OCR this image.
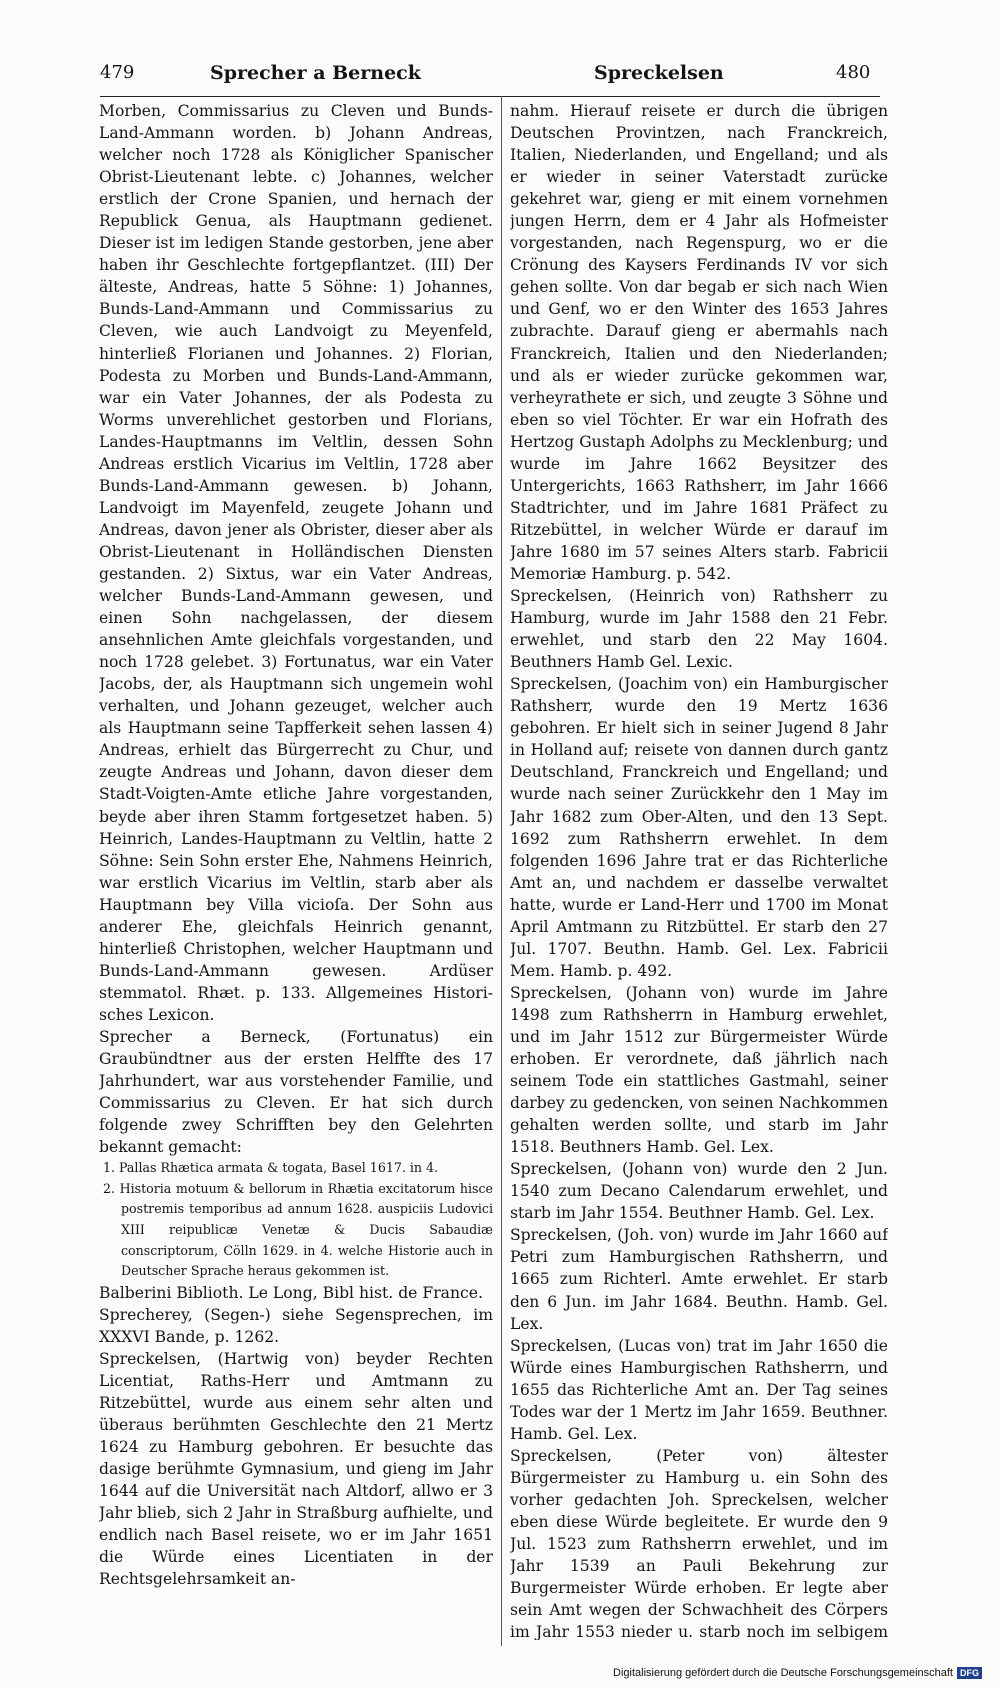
479	Sprecher a Berneck	Spreckelsen	480

Morben, Commissarius zu Cleven und Bunds-Land-Ammann worden. b) Johann Andreas, welcher noch 1728 als Königlicher Spanischer Obrist-Lieutenant lebte. c) Johannes, welcher erstlich der Crone Spanien, und hernach der Republick Genua, als Hauptmann gedienet. Dieser ist im ledigen Stande gestorben, jene aber haben ihr Geschlechte fortgepflantzet. (III) Der älteste, Andreas, hatte 5 Söhne: 1) Johannes, Bunds-Land-Ammann und Commissarius zu Cleven, wie auch Landvoigt zu Meyenfeld, hinterließ Florianen und Johannes. 2) Florian, Podesta zu Morben und Bunds-Land-Ammann, war ein Vater Johannes, der als Podesta zu Worms unverehlichet gestorben und Florians, Landes-Hauptmanns im Veltlin, dessen Sohn Andreas erstlich Vicarius im Veltlin, 1728 aber Bunds-Land-Ammann gewesen. b) Johann, Landvoigt im Mayenfeld, zeugete Johann und Andreas, davon jener als Obrister, dieser aber als Obrist-Lieutenant in Holländischen Diensten gestanden. 2) Sixtus, war ein Vater Andreas, welcher Bunds-Land-Ammann gewesen, und einen Sohn nachgelassen, der diesem ansehnlichen Amte gleichfals vorgestanden, und noch 1728 gelebet. 3) Fortunatus, war ein Vater Jacobs, der, als Hauptmann sich ungemein wohl verhalten, und Johann gezeuget, welcher auch als Hauptmann seine Tapfferkeit sehen lassen 4) Andreas, erhielt das Bürgerrecht zu Chur, und zeugte Andreas und Johann, davon dieser dem Stadt-Voigten-Amte etliche Jahre vorgestanden, beyde aber ihren Stamm fortgesetzet haben. 5) Heinrich, Landes-Hauptmann zu Veltlin, hatte 2 Söhne: Sein Sohn erster Ehe, Nahmens Heinrich, war erstlich Vicarius im Veltlin, starb aber als Hauptmann bey Villa vicioſa. Der Sohn aus anderer Ehe, gleichfals Heinrich genannt, hinterließ Christophen, welcher Hauptmann und Bunds-Land-Ammann gewesen. Ardüser stemmatol. Rhæt. p. 133. Allgemeines Histori-sches Lexicon.

Sprecher a Berneck, (Fortunatus) ein Graubündtner aus der ersten Helffte des 17 Jahrhundert, war aus vorstehender Familie, und Commissarius zu Cleven. Er hat sich durch folgende zwey Schrifften bey den Gelehrten bekannt gemacht:

1. Pallas Rhætica armata & togata, Basel 1617. in 4.

2. Historia motuum & bellorum in Rhætia excitatorum hisce postremis temporibus ad annum 1628. auspiciis Ludovici XIII reipublicæ Venetæ & Ducis Sabaudiæ conscriptorum, Cölln 1629. in 4. welche Historie auch in Deutscher Sprache heraus gekommen ist.

Balberini Biblioth. Le Long, Bibl hist. de France.

Sprecherey, (Segen-) siehe Segensprechen, im XXXVI Bande, p. 1262.

Spreckelsen, (Hartwig von) beyder Rechten Licentiat, Raths-Herr und Amtmann zu Ritzebüttel, wurde aus einem sehr alten und überaus berühmten Geschlechte den 21 Mertz 1624 zu Hamburg gebohren. Er besuchte das dasige berühmte Gymnasium, und gieng im Jahr 1644 auf die Universität nach Altdorf, allwo er 3 Jahr blieb, sich 2 Jahr in Straßburg aufhielte, und endlich nach Basel reisete, wo er im Jahr 1651 die Würde eines Licentiaten in der Rechtsgelehrsamkeit an-

nahm. Hierauf reisete er durch die übrigen Deutschen Provintzen, nach Franckreich, Italien, Niederlanden, und Engelland; und als er wieder in seiner Vaterstadt zurücke gekehret war, gieng er mit einem vornehmen jungen Herrn, dem er 4 Jahr als Hofmeister vorgestanden, nach Regenspurg, wo er die Crönung des Kaysers Ferdinands IV vor sich gehen sollte. Von dar begab er sich nach Wien und Genf, wo er den Winter des 1653 Jahres zubrachte. Darauf gieng er abermahls nach Franckreich, Italien und den Niederlanden; und als er wieder zurücke gekommen war, verheyrathete er sich, und zeugte 3 Söhne und eben so viel Töchter. Er war ein Hofrath des Hertzog Gustaph Adolphs zu Mecklenburg; und wurde im Jahre 1662 Beysitzer des Untergerichts, 1663 Rathsherr, im Jahr 1666 Stadtrichter, und im Jahre 1681 Präfect zu Ritzebüttel, in welcher Würde er darauf im Jahre 1680 im 57 seines Alters starb. Fabricii Memoriæ Hamburg. p. 542.

Spreckelsen, (Heinrich von) Rathsherr zu Hamburg, wurde im Jahr 1588 den 21 Febr. erwehlet, und starb den 22 May 1604. Beuthners Hamb Gel. Lexic.

Spreckelsen, (Joachim von) ein Hamburgischer Rathsherr, wurde den 19 Mertz 1636 gebohren. Er hielt sich in seiner Jugend 8 Jahr in Holland auf; reisete von dannen durch gantz Deutschland, Franckreich und Engelland; und wurde nach seiner Zurückkehr den 1 May im Jahr 1682 zum Ober-Alten, und den 13 Sept. 1692 zum Rathsherrn erwehlet. In dem folgenden 1696 Jahre trat er das Richterliche Amt an, und nachdem er dasselbe verwaltet hatte, wurde er Land-Herr und 1700 im Monat April Amtmann zu Ritzbüttel. Er starb den 27 Jul. 1707. Beuthn. Hamb. Gel. Lex. Fabricii Mem. Hamb. p. 492.

Spreckelsen, (Johann von) wurde im Jahre 1498 zum Rathsherrn in Hamburg erwehlet, und im Jahr 1512 zur Bürgermeister Würde erhoben. Er verordnete, daß jährlich nach seinem Tode ein stattliches Gastmahl, seiner darbey zu gedencken, von seinen Nachkommen gehalten werden sollte, und starb im Jahr 1518. Beuthners Hamb. Gel. Lex.

Spreckelsen, (Johann von) wurde den 2 Jun. 1540 zum Decano Calendarum erwehlet, und starb im Jahr 1554. Beuthner Hamb. Gel. Lex.

Spreckelsen, (Joh. von) wurde im Jahr 1660 auf Petri zum Hamburgischen Rathsherrn, und 1665 zum Richterl. Amte erwehlet. Er starb den 6 Jun. im Jahr 1684. Beuthn. Hamb. Gel. Lex.

Spreckelsen, (Lucas von) trat im Jahr 1650 die Würde eines Hamburgischen Rathsherrn, und 1655 das Richterliche Amt an. Der Tag seines Todes war der 1 Mertz im Jahr 1659. Beuthner. Hamb. Gel. Lex.

Spreckelsen, (Peter von) ältester Bürgermeister zu Hamburg u. ein Sohn des vorher gedachten Joh. Spreckelsen, welcher eben diese Würde begleitete. Er wurde den 9 Jul. 1523 zum Rathsherrn erwehlet, und im Jahr 1539 an Pauli Bekehrung zur Burgermeister Würde erhoben. Er legte aber sein Amt wegen der Schwachheit des Cörpers im Jahr 1553 nieder u. starb noch im selbigem

Digitalisierung gefördert durch die Deutsche Forschungsgemeinschaft DFG
